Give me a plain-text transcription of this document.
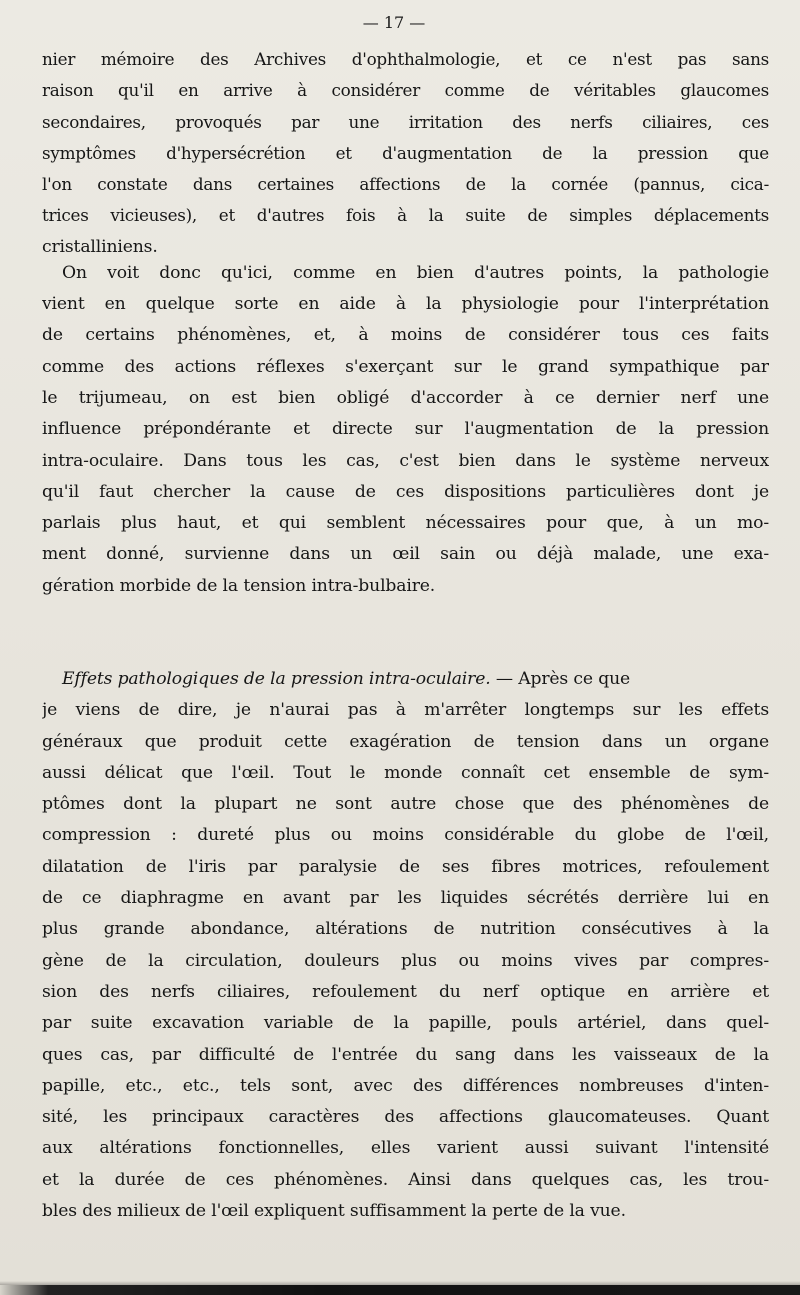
— 17 —
nier mémoire des Archives d'ophthalmologie, et ce n'est pas sans
raison qu'il en arrive à considérer comme de véritables glaucomes
secondaires, provoqués par une irritation des nerfs ciliaires, ces
symptômes d'hypersécrétion et d'augmentation de la pression que
l'on constate dans certaines affections de la cornée (pannus, cica-
trices vicieuses), et d'autres fois à la suite de simples déplacements
cristalliniens.
On voit donc qu'ici, comme en bien d'autres points, la pathologie
vient en quelque sorte en aide à la physiologie pour l'interprétation
de certains phénomènes, et, à moins de considérer tous ces faits
comme des actions réflexes s'exerçant sur le grand sympathique par
le trijumeau, on est bien obligé d'accorder à ce dernier nerf une
influence prépondérante et directe sur l'augmentation de la pression
intra-oculaire. Dans tous les cas, c'est bien dans le système nerveux
qu'il faut chercher la cause de ces dispositions particulières dont je
parlais plus haut, et qui semblent nécessaires pour que, à un mo-
ment donné, survienne dans un œil sain ou déjà malade, une exa-
gération morbide de la tension intra-bulbaire.
Effets pathologiques de la pression intra-oculaire. — Après ce que
je viens de dire, je n'aurai pas à m'arrêter longtemps sur les effets
généraux que produit cette exagération de tension dans un organe
aussi délicat que l'œil. Tout le monde connaît cet ensemble de sym-
ptômes dont la plupart ne sont autre chose que des phénomènes de
compression : dureté plus ou moins considérable du globe de l'œil,
dilatation de l'iris par paralysie de ses fibres motrices, refoulement
de ce diaphragme en avant par les liquides sécrétés derrière lui en
plus grande abondance, altérations de nutrition consécutives à la
gène de la circulation, douleurs plus ou moins vives par compres-
sion des nerfs ciliaires, refoulement du nerf optique en arrière et
par suite excavation variable de la papille, pouls artériel, dans quel-
ques cas, par difficulté de l'entrée du sang dans les vaisseaux de la
papille, etc., etc., tels sont, avec des différences nombreuses d'inten-
sité, les principaux caractères des affections glaucomateuses. Quant
aux altérations fonctionnelles, elles varient aussi suivant l'intensité
et la durée de ces phénomènes. Ainsi dans quelques cas, les trou-
bles des milieux de l'œil expliquent suffisamment la perte de la vue.
